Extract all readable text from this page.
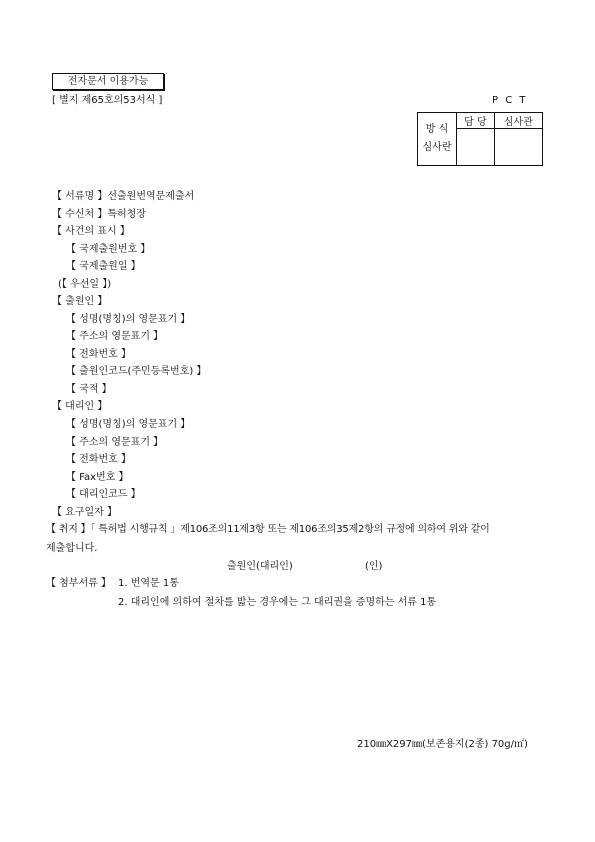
전자문서 이용가능
[ 별지 제65호의53서식 ]	P C T
방 식
심사란	담 당	심사관

【 서류명 】선출원번역문제출서
【 수신처 】특허청장
【 사건의 표시 】
【 국제출원번호 】
【 국제출원일 】
(【 우선일 】)
【 출원인 】
【 성명(명칭)의 영문표기 】
【 주소의 영문표기 】
【 전화번호 】
【 출원인코드(주민등록번호) 】
【 국적 】
【 대리인 】
【 성명(명칭)의 영문표기 】
【 주소의 영문표기 】
【 전화번호 】
【 Fax번호 】
【 대리인코드 】
【 요구일자 】
【 취지 】「 특허법 시행규칙 」제106조의11제3항 또는 제106조의35제2항의 규정에 의하여 위와 같이
제출합니다.
출원인(대리인)	(인)
【 첨부서류 】 1. 번역문 1통
2. 대리인에 의하여 절차를 밟는 경우에는 그 대리권을 증명하는 서류 1통
210㎜X297㎜(보존용지(2종) 70g/㎡)
